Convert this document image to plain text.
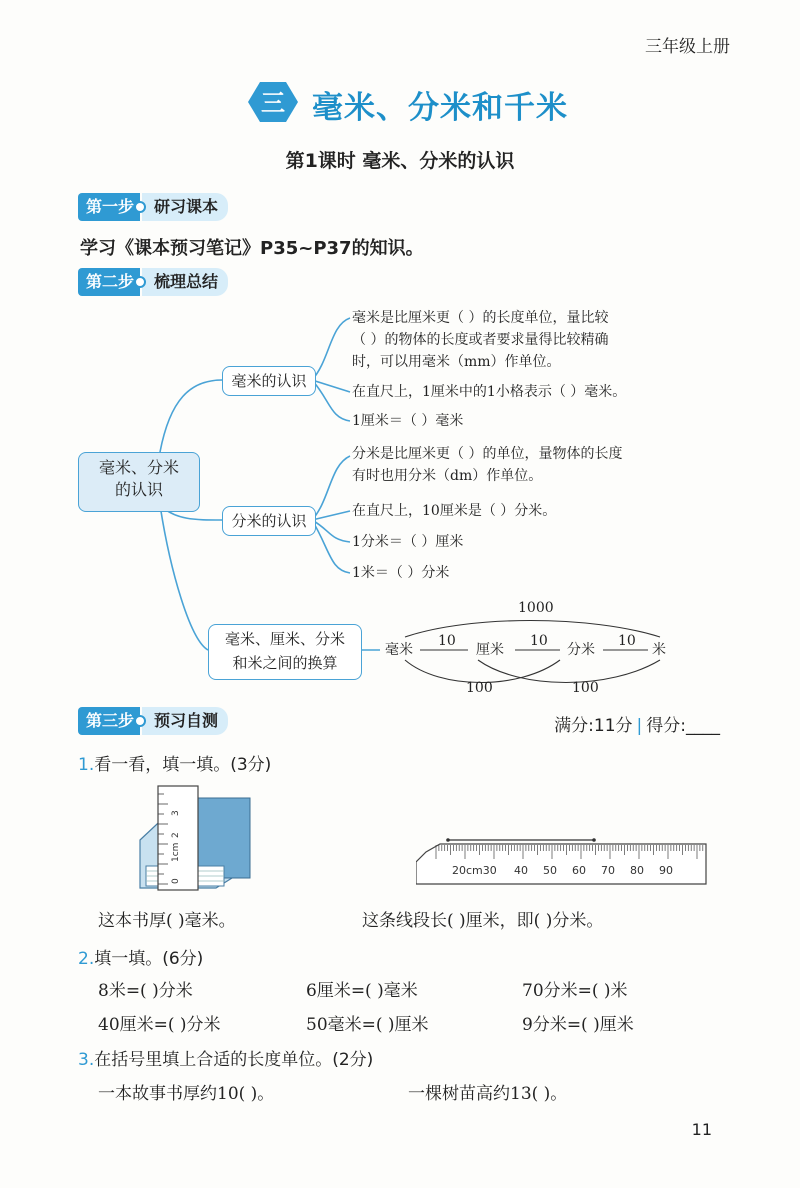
三年级上册
三 毫米、分米和千米
第1课时 毫米、分米的认识
第一步	研习课本
学习《课本预习笔记》P35~P37的知识。
第二步	梳理总结
毫米、分米
的认识
毫米的认识
毫米是比厘米更（ ）的长度单位，量比较
（ ）的物体的长度或者要求量得比较精确
时，可以用毫米（mm）作单位。
在直尺上，1厘米中的1小格表示（ ）毫米。
1厘米＝（ ）毫米
分米的认识
分米是比厘米更（ ）的单位，量物体的长度
有时也用分米（dm）作单位。
在直尺上，10厘米是（ ）分米。
1分米＝（ ）厘米
1米＝（ ）分米
毫米、厘米、分米
和米之间的换算
毫米	厘米	分米	米
10	10	10
1000
100	100
第三步	预习自测	满分:11分 | 得分:____
1.看一看，填一填。(3分)
0
1cm
2
3
20cm30 40 50 60 70 80 90
这本书厚( )毫米。	这条线段长( )厘米，即( )分米。
2.填一填。(6分)
8米=( )分米	6厘米=( )毫米	70分米=( )米
40厘米=( )分米	50毫米=( )厘米	9分米=( )厘米
3.在括号里填上合适的长度单位。(2分)
一本故事书厚约10( )。	一棵树苗高约13( )。
11
